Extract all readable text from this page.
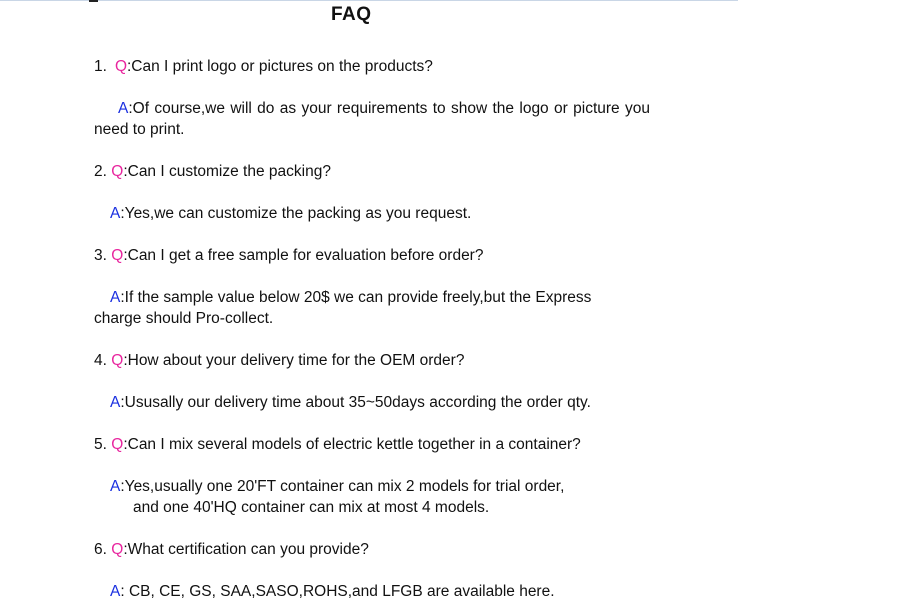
FAQ
1. Q:Can I print logo or pictures on the products?
A:Of course,we will do as your requirements to show the logo or picture you need to print.
2. Q:Can I customize the packing?
A:Yes,we can customize the packing as you request.
3. Q:Can I get a free sample for evaluation before order?
A:If the sample value below 20$ we can provide freely,but the Express
charge should Pro-collect.
4. Q:How about your delivery time for the OEM order?
A:Ususally our delivery time about 35~50days according the order qty.
5. Q:Can I mix several models of electric kettle together in a container?
A:Yes,usually one 20'FT container can mix 2 models for trial order,
and one 40'HQ container can mix at most 4 models.
6. Q:What certification can you provide?
A: CB, CE, GS, SAA,SASO,ROHS,and LFGB are available here.
